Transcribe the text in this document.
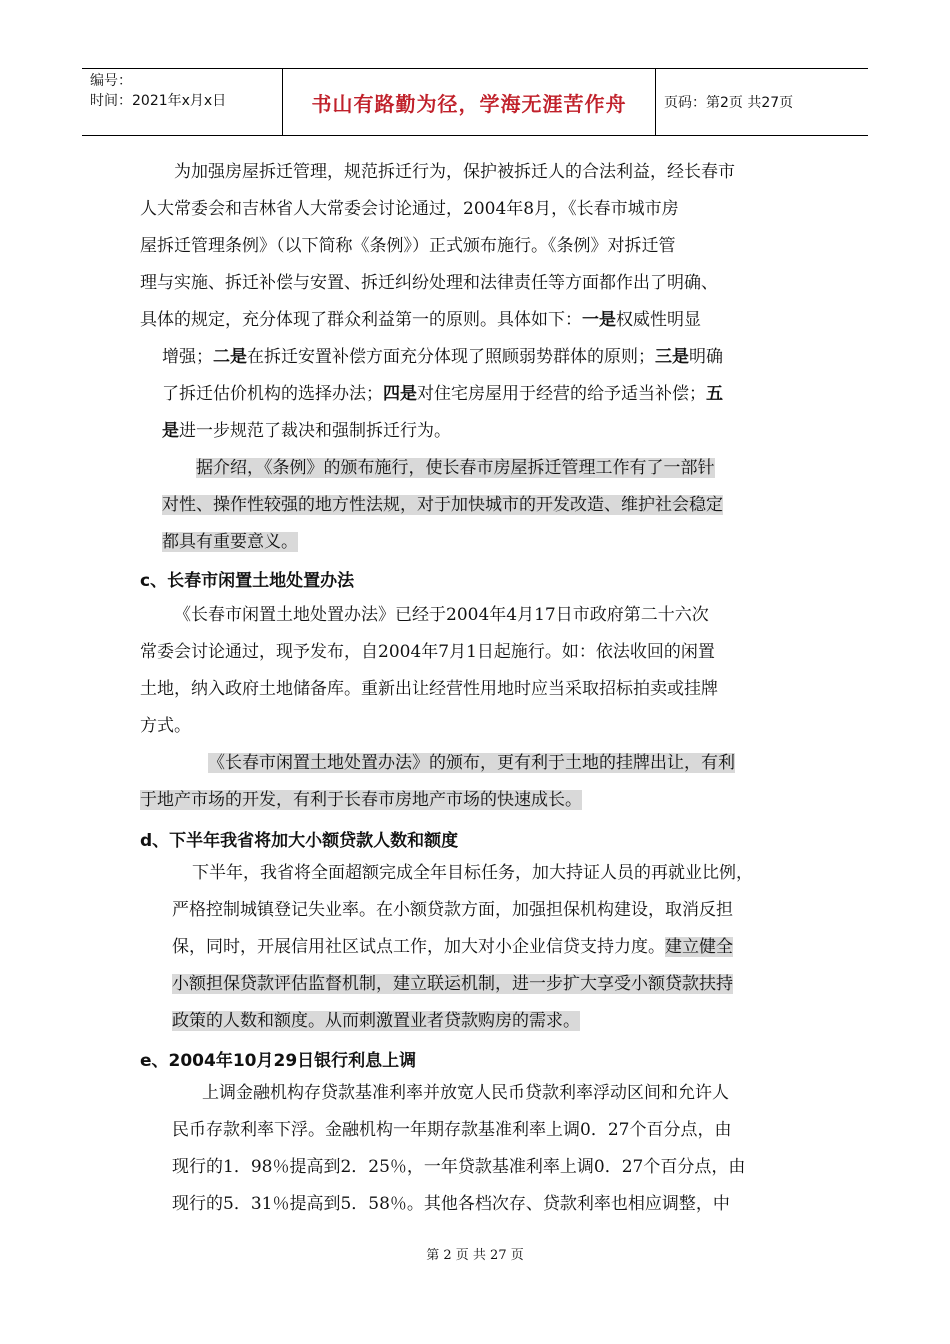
编号：
时间：2021年x月x日	书山有路勤为径，学海无涯苦作舟	页码：第2页 共27页
为加强房屋拆迁管理，规范拆迁行为，保护被拆迁人的合法利益，经长春市
人大常委会和吉林省人大常委会讨论通过，2004年8月，《长春市城市房
屋拆迁管理条例》（以下简称《条例》）正式颁布施行。《条例》对拆迁管
理与实施、拆迁补偿与安置、拆迁纠纷处理和法律责任等方面都作出了明确、
具体的规定，充分体现了群众利益第一的原则。具体如下：一是权威性明显
增强；二是在拆迁安置补偿方面充分体现了照顾弱势群体的原则；三是明确
了拆迁估价机构的选择办法；四是对住宅房屋用于经营的给予适当补偿；五
是进一步规范了裁决和强制拆迁行为。
据介绍，《条例》的颁布施行，使长春市房屋拆迁管理工作有了一部针
对性、操作性较强的地方性法规，对于加快城市的开发改造、维护社会稳定
都具有重要意义。
c、长春市闲置土地处置办法
《长春市闲置土地处置办法》已经于2004年4月17日市政府第二十六次
常委会讨论通过，现予发布，自2004年7月1日起施行。如：依法收回的闲置
土地，纳入政府土地储备库。重新出让经营性用地时应当采取招标拍卖或挂牌
方式。
《长春市闲置土地处置办法》的颁布，更有利于土地的挂牌出让，有利
于地产市场的开发，有利于长春市房地产市场的快速成长。
d、下半年我省将加大小额贷款人数和额度
下半年，我省将全面超额完成全年目标任务，加大持证人员的再就业比例，
严格控制城镇登记失业率。在小额贷款方面，加强担保机构建设，取消反担
保，同时，开展信用社区试点工作，加大对小企业信贷支持力度。建立健全
小额担保贷款评估监督机制，建立联运机制，进一步扩大享受小额贷款扶持
政策的人数和额度。从而刺激置业者贷款购房的需求。
e、2004年10月29日银行利息上调
上调金融机构存贷款基准利率并放宽人民币贷款利率浮动区间和允许人
民币存款利率下浮。金融机构一年期存款基准利率上调0．27个百分点，由
现行的1．98％提高到2．25％，一年贷款基准利率上调0．27个百分点，由
现行的5．31％提高到5．58％。其他各档次存、贷款利率也相应调整，中
第 2 页 共 27 页
